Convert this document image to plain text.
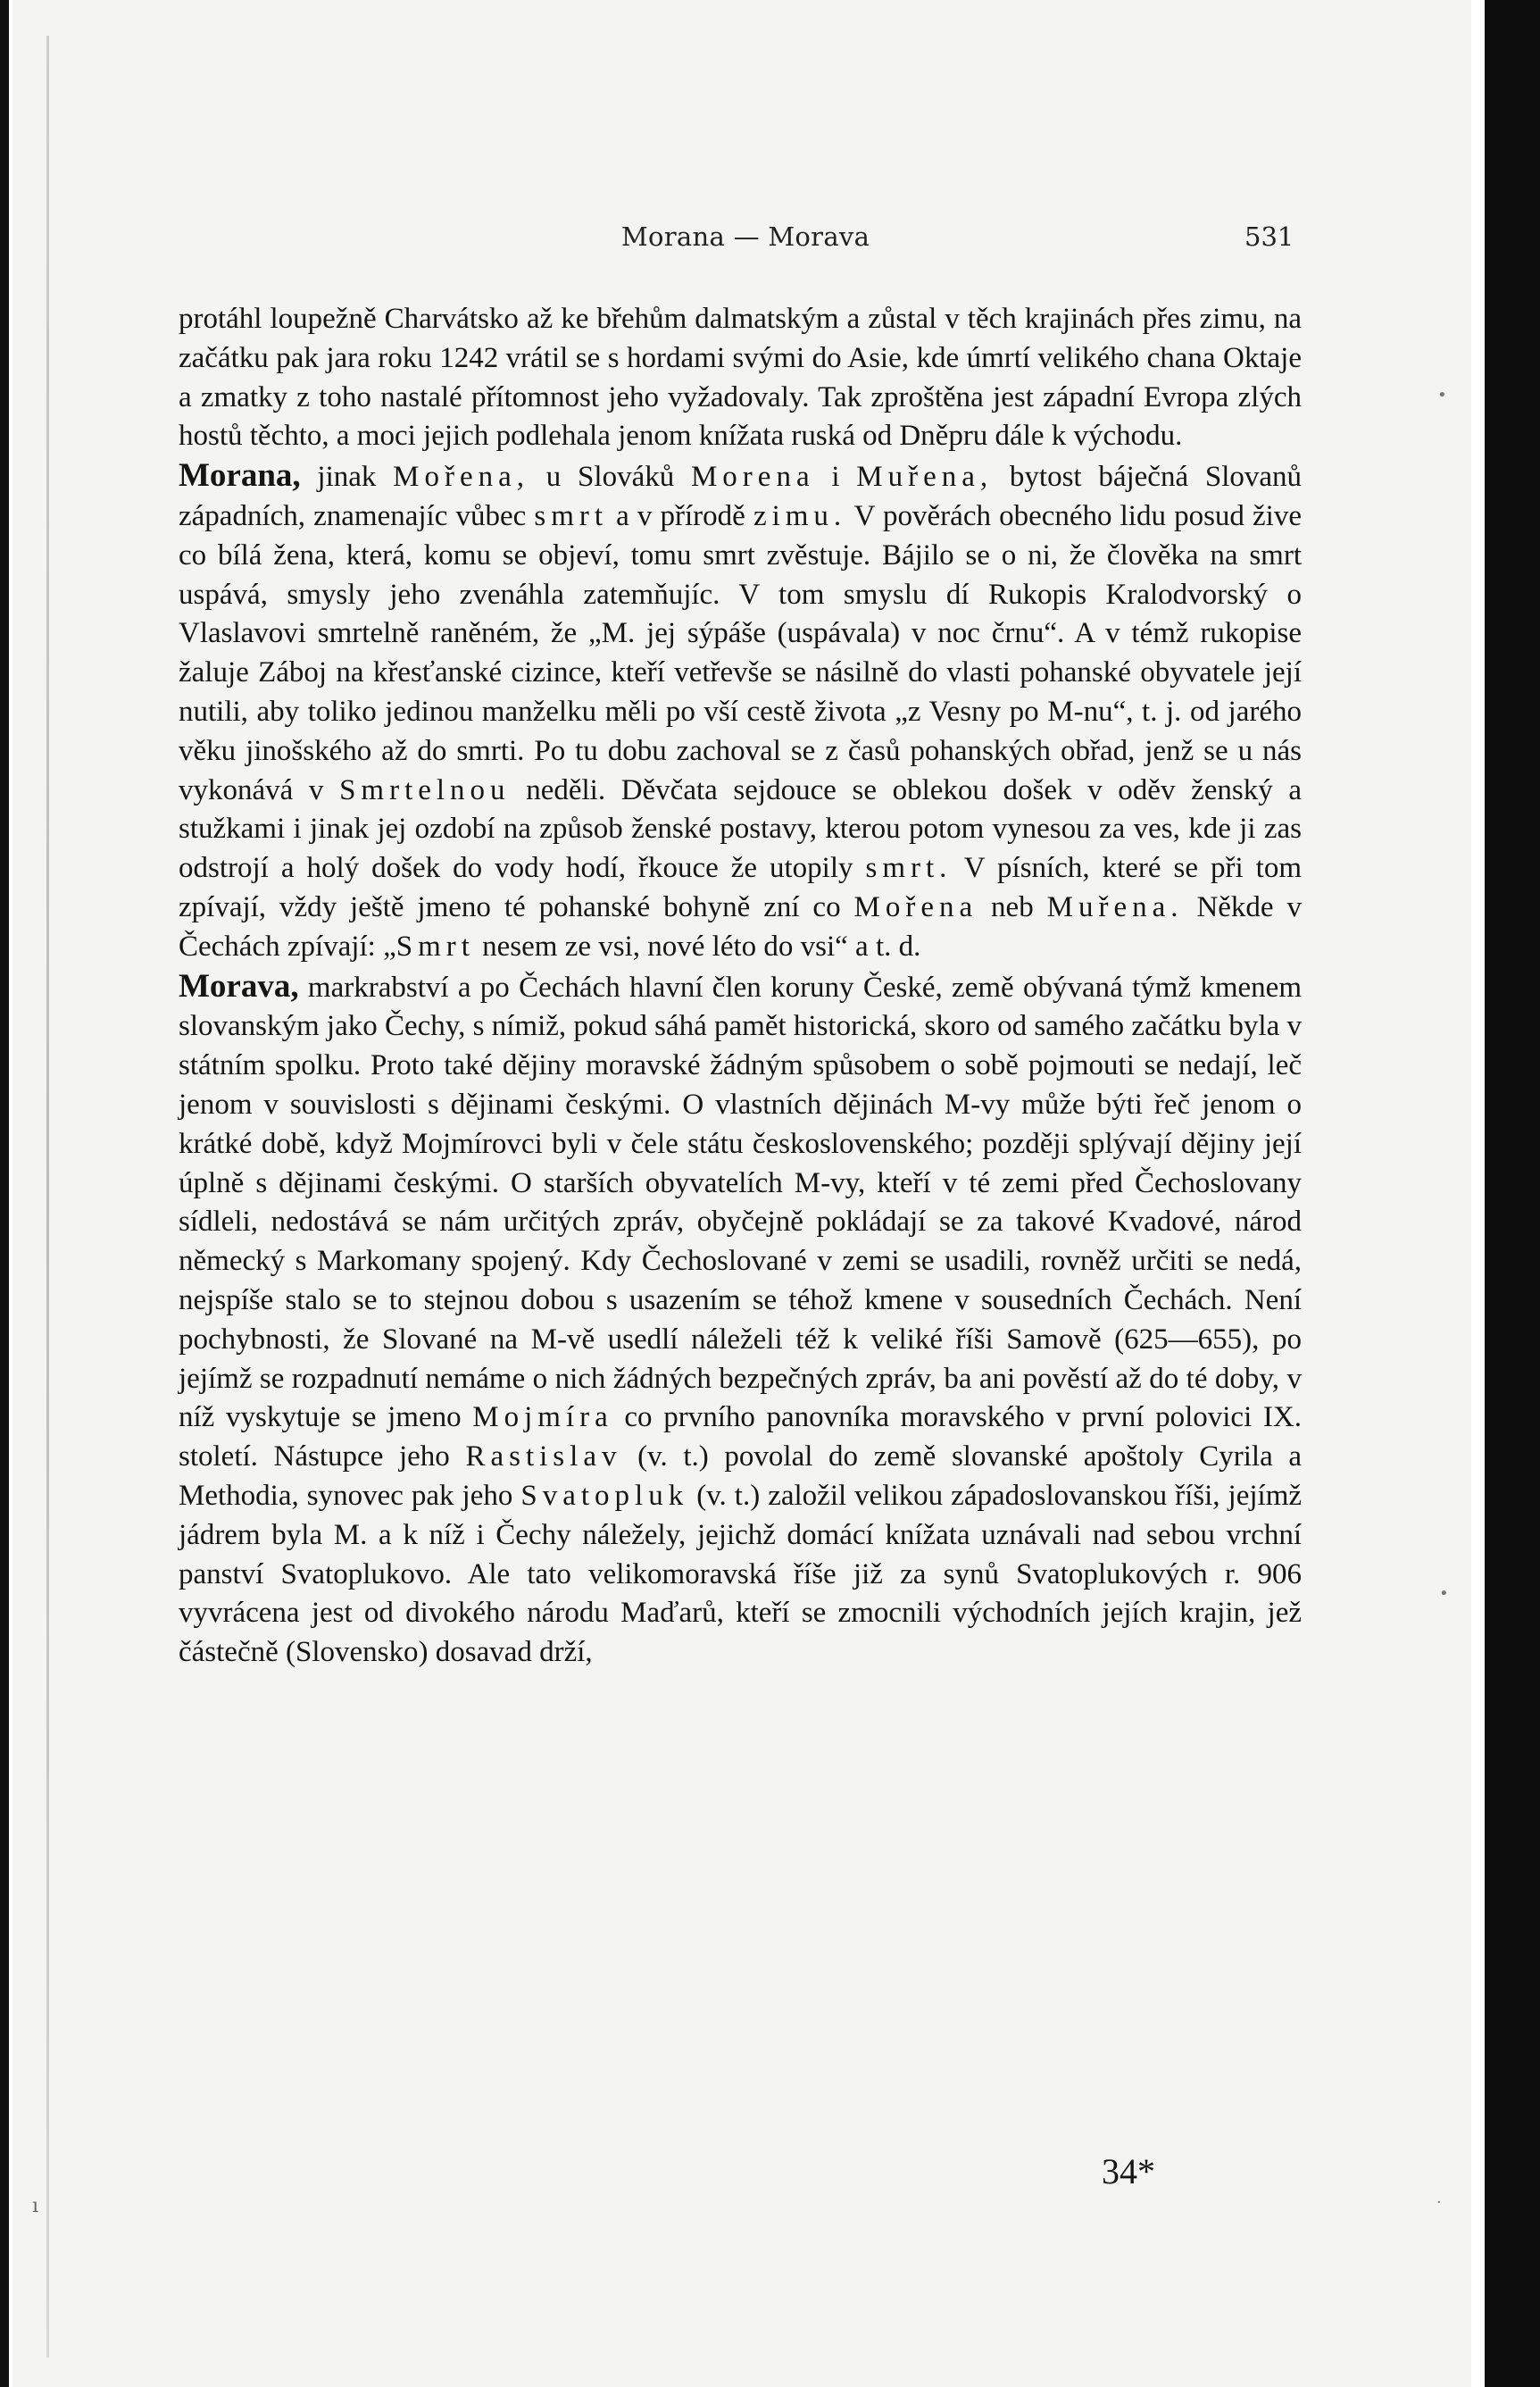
Morana — Morava	531

protáhl loupežně Charvátsko až ke břehům dalmatským a zůstal v těch krajinách přes zimu, na začátku pak jara roku 1242 vrátil se s hordami svými do Asie, kde úmrtí velikého chana Oktaje a zmatky z toho nastalé přítomnost jeho vyžadovaly. Tak zproštěna jest západní Evropa zlých hostů těchto, a moci jejich podlehala jenom knížata ruská od Dněpru dále k východu.

Morana, jinak Mořena, u Slováků Morena i Muřena, bytost báječná Slovanů západních, znamenajíc vůbec smrt a v přírodě zimu. V pověrách obecného lidu posud žive co bílá žena, která, komu se objeví, tomu smrt zvěstuje. Bájilo se o ni, že člověka na smrt uspává, smysly jeho zvenáhla zatemňujíc. V tom smyslu dí Rukopis Kralodvorský o Vlaslavovi smrtelně raněném, že „M. jej sýpáše (uspávala) v noc črnu“. A v témž rukopise žaluje Záboj na křesťanské cizince, kteří vetřevše se násilně do vlasti pohanské obyvatele její nutili, aby toliko jedinou manželku měli po vší cestě života „z Vesny po M-nu“, t. j. od jarého věku jinošského až do smrti. Po tu dobu zachoval se z časů pohanských obřad, jenž se u nás vykonává v Smrtelnou neděli. Děvčata sejdouce se oblekou došek v oděv ženský a stužkami i jinak jej ozdobí na způsob ženské postavy, kterou potom vynesou za ves, kde ji zas odstrojí a holý došek do vody hodí, řkouce že utopily smrt. V písních, které se při tom zpívají, vždy ještě jmeno té pohanské bohyně zní co Mořena neb Muřena. Někde v Čechách zpívají: „Smrt nesem ze vsi, nové léto do vsi“ a t. d.

Morava, markrabství a po Čechách hlavní člen koruny České, země obývaná týmž kmenem slovanským jako Čechy, s nímiž, pokud sáhá pamět historická, skoro od samého začátku byla v státním spolku. Proto také dějiny moravské žádným spůsobem o sobě pojmouti se nedají, leč jenom v souvislosti s dějinami českými. O vlastních dějinách M-vy může býti řeč jenom o krátké době, když Mojmírovci byli v čele státu československého; později splývají dějiny její úplně s dějinami českými. O starších obyvatelích M-vy, kteří v té zemi před Čechoslovany sídleli, nedostává se nám určitých zpráv, obyčejně pokládají se za takové Kvadové, národ německý s Markomany spojený. Kdy Čechoslované v zemi se usadili, rovněž určiti se nedá, nejspíše stalo se to stejnou dobou s usazením se téhož kmene v sousedních Čechách. Není pochybnosti, že Slované na M-vě usedlí náleželi též k veliké říši Samově (625—655), po jejímž se rozpadnutí nemáme o nich žádných bezpečných zpráv, ba ani pověstí až do té doby, v níž vyskytuje se jmeno Mojmíra co prvního panovníka moravského v první polovici IX. století. Nástupce jeho Rastislav (v. t.) povolal do země slovanské apoštoly Cyrila a Methodia, synovec pak jeho Svatopluk (v. t.) založil velikou západoslovanskou říši, jejímž jádrem byla M. a k níž i Čechy náležely, jejichž domácí knížata uznávali nad sebou vrchní panství Svatoplukovo. Ale tato velikomoravská říše již za synů Svatoplukových r. 906 vyvrácena jest od divokého národu Maďarů, kteří se zmocnili východních jejích krajin, jež částečně (Slovensko) dosavad drží,

34*
•
•
·
ı
